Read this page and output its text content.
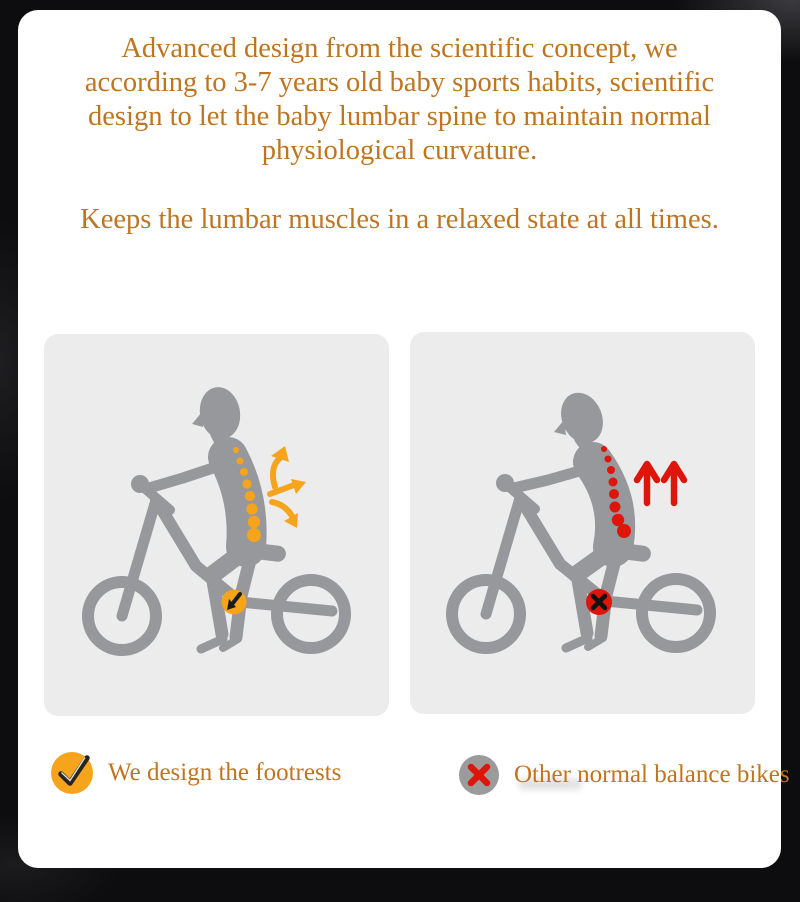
Advanced design from the scientific concept, we
according to 3-7 years old baby sports habits, scientific
design to let the baby lumbar spine to maintain normal
physiological curvature.
Keeps the lumbar muscles in a relaxed state at all times.
We design the footrests	Other normal balance bikes
